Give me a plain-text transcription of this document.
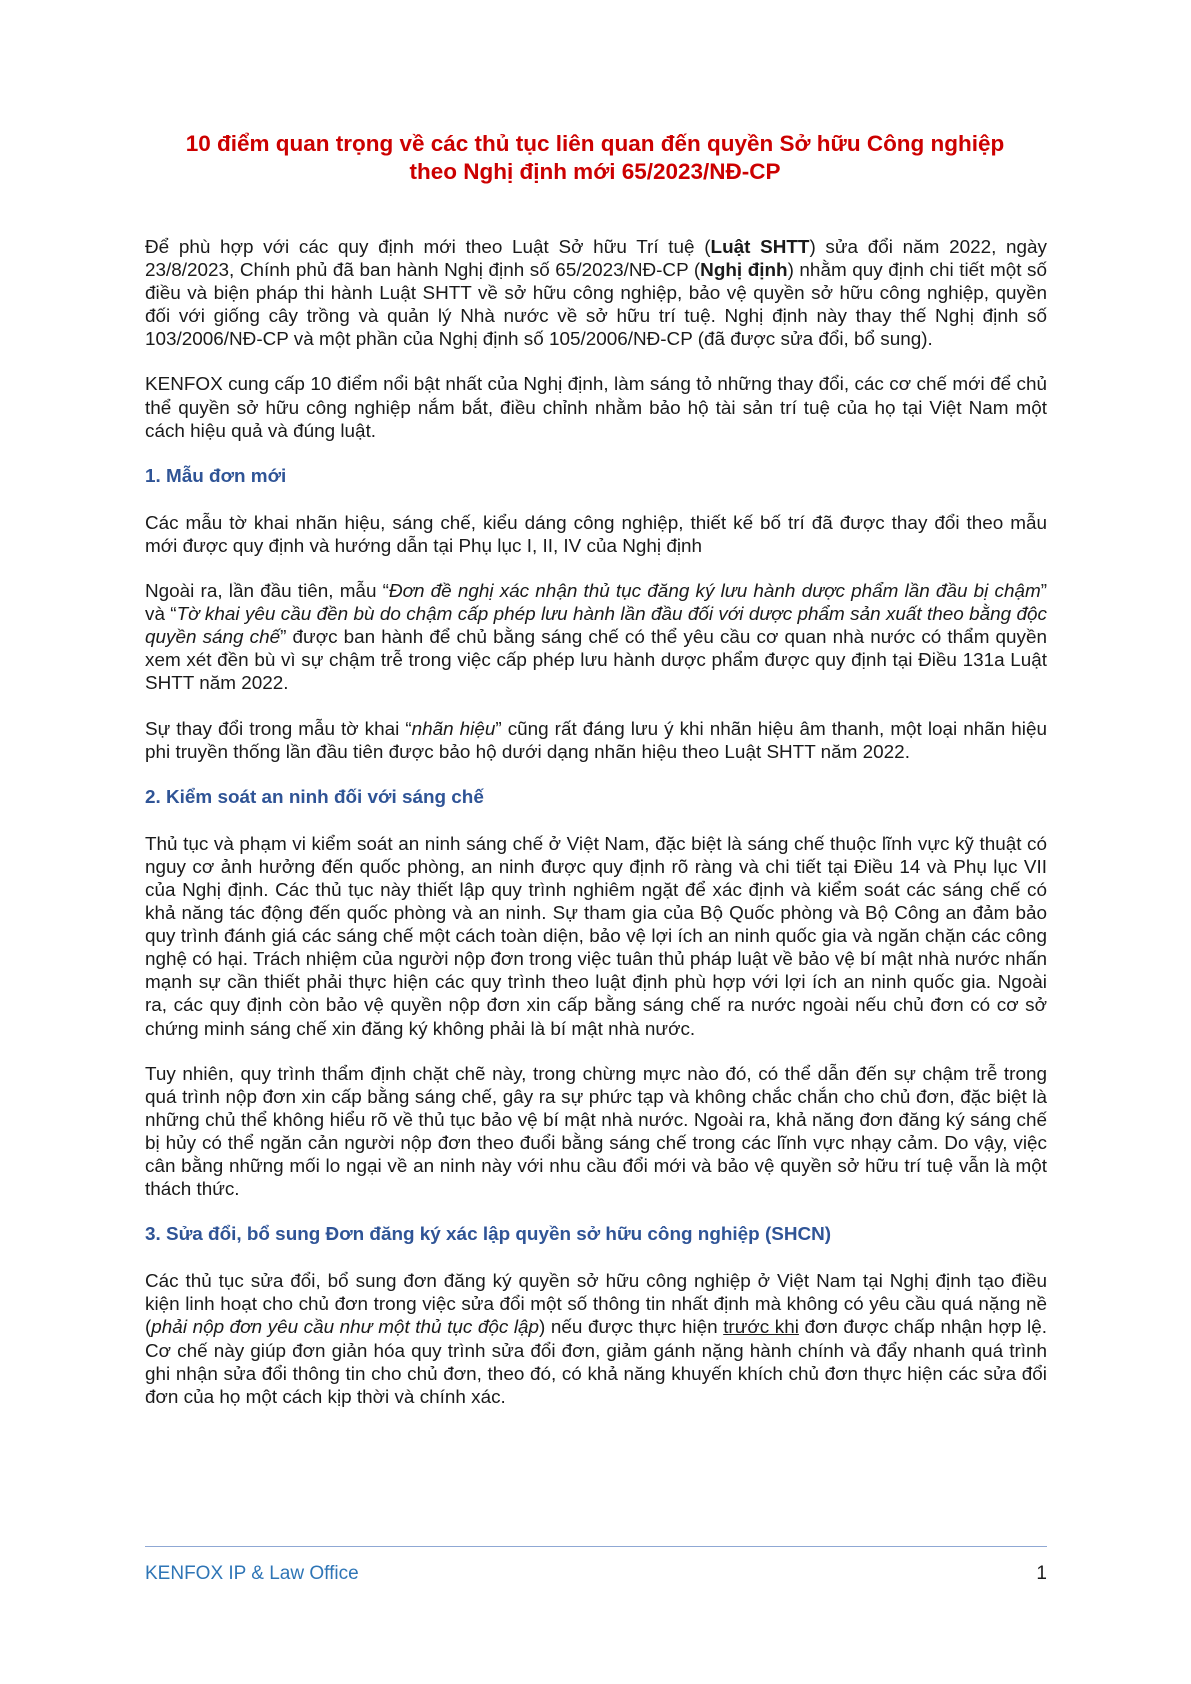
10 điểm quan trọng về các thủ tục liên quan đến quyền Sở hữu Công nghiệp
theo Nghị định mới 65/2023/NĐ-CP

Để phù hợp với các quy định mới theo Luật Sở hữu Trí tuệ (Luật SHTT) sửa đổi năm 2022, ngày 23/8/2023, Chính phủ đã ban hành Nghị định số 65/2023/NĐ-CP (Nghị định) nhằm quy định chi tiết một số điều và biện pháp thi hành Luật SHTT về sở hữu công nghiệp, bảo vệ quyền sở hữu công nghiệp, quyền đối với giống cây trồng và quản lý Nhà nước về sở hữu trí tuệ. Nghị định này thay thế Nghị định số 103/2006/NĐ-CP và một phần của Nghị định số 105/2006/NĐ-CP (đã được sửa đổi, bổ sung).

KENFOX cung cấp 10 điểm nổi bật nhất của Nghị định, làm sáng tỏ những thay đổi, các cơ chế mới để chủ thể quyền sở hữu công nghiệp nắm bắt, điều chỉnh nhằm bảo hộ tài sản trí tuệ của họ tại Việt Nam một cách hiệu quả và đúng luật.

1. Mẫu đơn mới

Các mẫu tờ khai nhãn hiệu, sáng chế, kiểu dáng công nghiệp, thiết kế bố trí đã được thay đổi theo mẫu mới được quy định và hướng dẫn tại Phụ lục I, II, IV của Nghị định

Ngoài ra, lần đầu tiên, mẫu “Đơn đề nghị xác nhận thủ tục đăng ký lưu hành dược phẩm lần đầu bị chậm” và “Tờ khai yêu cầu đền bù do chậm cấp phép lưu hành lần đầu đối với dược phẩm sản xuất theo bằng độc quyền sáng chế” được ban hành để chủ bằng sáng chế có thể yêu cầu cơ quan nhà nước có thẩm quyền xem xét đền bù vì sự chậm trễ trong việc cấp phép lưu hành dược phẩm được quy định tại Điều 131a Luật SHTT năm 2022.

Sự thay đổi trong mẫu tờ khai “nhãn hiệu” cũng rất đáng lưu ý khi nhãn hiệu âm thanh, một loại nhãn hiệu phi truyền thống lần đầu tiên được bảo hộ dưới dạng nhãn hiệu theo Luật SHTT năm 2022.

2. Kiểm soát an ninh đối với sáng chế

Thủ tục và phạm vi kiểm soát an ninh sáng chế ở Việt Nam, đặc biệt là sáng chế thuộc lĩnh vực kỹ thuật có nguy cơ ảnh hưởng đến quốc phòng, an ninh được quy định rõ ràng và chi tiết tại Điều 14 và Phụ lục VII của Nghị định. Các thủ tục này thiết lập quy trình nghiêm ngặt để xác định và kiểm soát các sáng chế có khả năng tác động đến quốc phòng và an ninh. Sự tham gia của Bộ Quốc phòng và Bộ Công an đảm bảo quy trình đánh giá các sáng chế một cách toàn diện, bảo vệ lợi ích an ninh quốc gia và ngăn chặn các công nghệ có hại. Trách nhiệm của người nộp đơn trong việc tuân thủ pháp luật về bảo vệ bí mật nhà nước nhấn mạnh sự cần thiết phải thực hiện các quy trình theo luật định phù hợp với lợi ích an ninh quốc gia. Ngoài ra, các quy định còn bảo vệ quyền nộp đơn xin cấp bằng sáng chế ra nước ngoài nếu chủ đơn có cơ sở chứng minh sáng chế xin đăng ký không phải là bí mật nhà nước.

Tuy nhiên, quy trình thẩm định chặt chẽ này, trong chừng mực nào đó, có thể dẫn đến sự chậm trễ trong quá trình nộp đơn xin cấp bằng sáng chế, gây ra sự phức tạp và không chắc chắn cho chủ đơn, đặc biệt là những chủ thể không hiểu rõ về thủ tục bảo vệ bí mật nhà nước. Ngoài ra, khả năng đơn đăng ký sáng chế bị hủy có thể ngăn cản người nộp đơn theo đuổi bằng sáng chế trong các lĩnh vực nhạy cảm. Do vậy, việc cân bằng những mối lo ngại về an ninh này với nhu cầu đổi mới và bảo vệ quyền sở hữu trí tuệ vẫn là một thách thức.

3. Sửa đổi, bổ sung Đơn đăng ký xác lập quyền sở hữu công nghiệp (SHCN)

Các thủ tục sửa đổi, bổ sung đơn đăng ký quyền sở hữu công nghiệp ở Việt Nam tại Nghị định tạo điều kiện linh hoạt cho chủ đơn trong việc sửa đổi một số thông tin nhất định mà không có yêu cầu quá nặng nề (phải nộp đơn yêu cầu như một thủ tục độc lập) nếu được thực hiện trước khi đơn được chấp nhận hợp lệ. Cơ chế này giúp đơn giản hóa quy trình sửa đổi đơn, giảm gánh nặng hành chính và đẩy nhanh quá trình ghi nhận sửa đổi thông tin cho chủ đơn, theo đó, có khả năng khuyến khích chủ đơn thực hiện các sửa đổi đơn của họ một cách kịp thời và chính xác.

KENFOX IP & Law Office	1
